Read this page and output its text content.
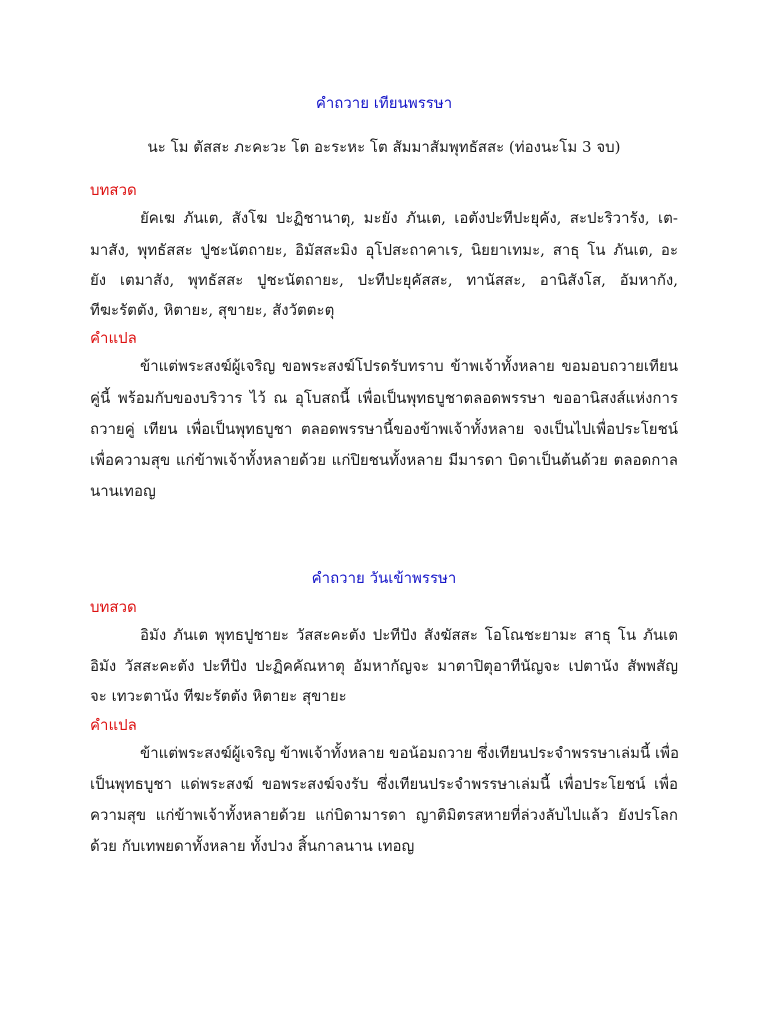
คำถวาย เทียนพรรษา
นะ โม ตัสสะ ภะคะวะ โต อะระหะ โต สัมมาสัมพุทธัสสะ (ท่องนะโม 3 จบ)
บทสวด
ยัคเฆ ภันเต, สังโฆ ปะฏิชานาตุ, มะยัง ภันเต, เอตังปะทีปะยุคัง, สะปะริวารัง, เต-
มาสัง, พุทธัสสะ ปูชะนัตถายะ, อิมัสสะมิง อุโปสะถาคาเร, นิยยาเทมะ, สาธุ โน ภันเต, อะ
ยัง เตมาสัง, พุทธัสสะ ปูชะนัตถายะ, ปะทีปะยุคัสสะ, ทานัสสะ, อานิสังโส, อัมหากัง,
ทีฆะรัตตัง, หิตายะ, สุขายะ, สังวัตตะตุ
คำแปล
ข้าแต่พระสงฆ์ผู้เจริญ ขอพระสงฆ์โปรดรับทราบ ข้าพเจ้าทั้งหลาย ขอมอบถวายเทียน
คู่นี้ พร้อมกับของบริวาร ไว้ ณ อุโบสถนี้ เพื่อเป็นพุทธบูชาตลอดพรรษา ขออานิสงส์แห่งการ
ถวายคู่ เทียน เพื่อเป็นพุทธบูชา ตลอดพรรษานี้ของข้าพเจ้าทั้งหลาย จงเป็นไปเพื่อประโยชน์
เพื่อความสุข แก่ข้าพเจ้าทั้งหลายด้วย แก่ปิยชนทั้งหลาย มีมารดา บิดาเป็นต้นด้วย ตลอดกาล
นานเทอญ
คำถวาย วันเข้าพรรษา
บทสวด
อิมัง ภันเต พุทธปูชายะ วัสสะคะตัง ปะทีปัง สังฆัสสะ โอโณชะยามะ สาธุ โน ภันเต
อิมัง วัสสะคะตัง ปะทีปัง ปะฏิคคัณหาตุ อัมหากัญจะ มาตาปิตุอาทีนัญจะ เปตานัง สัพพสัญ
จะ เทวะตานัง ทีฆะรัตตัง หิตายะ สุขายะ
คำแปล
ข้าแต่พระสงฆ์ผู้เจริญ ข้าพเจ้าทั้งหลาย ขอน้อมถวาย ซึ่งเทียนประจำพรรษาเล่มนี้ เพื่อ
เป็นพุทธบูชา แด่พระสงฆ์ ขอพระสงฆ์จงรับ ซึ่งเทียนประจำพรรษาเล่มนี้ เพื่อประโยชน์ เพื่อ
ความสุข แก่ข้าพเจ้าทั้งหลายด้วย แก่บิดามารดา ญาติมิตรสหายที่ล่วงลับไปแล้ว ยังปรโลก
ด้วย กับเทพยดาทั้งหลาย ทั้งปวง สิ้นกาลนาน เทอญ
